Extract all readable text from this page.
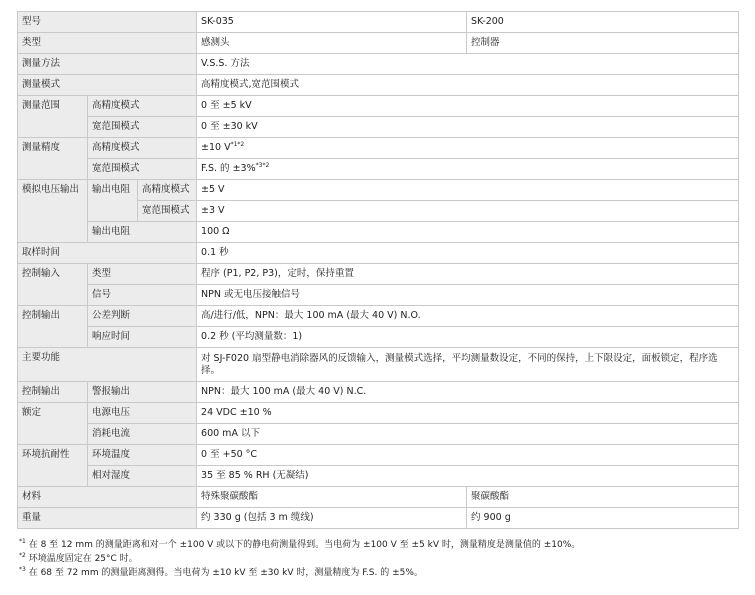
型号			SK-035	SK-200
类型			感测头	控制器
测量方法			V.S.S. 方法	
测量模式			高精度模式,宽范围模式	
测量范围	高精度模式		0 至 ±5 kV	
	宽范围模式		0 至 ±30 kV	
测量精度	高精度模式		±10 $V^{*1*2}$
	宽范围模式		F.S. 的 ±3%$^{*3*2}$
模拟电压输出	输出电阻	高精度模式	±5 V	
		宽范围模式	±3 V	
	输出电阻		100 Ω	
取样时间			0.1 秒	
控制输入	类型		程序 (P1, P2, P3)，定时，保持重置	
	信号		NPN 或无电压接触信号	
控制输出	公差判断		高/进行/低，NPN：最大 100 mA (最大 40 V) N.O.	
	响应时间		0.2 秒 (平均测量数：1)	
主要功能			对 SJ-F020 扇型静电消除器风的反馈输入，测量模式选择，平均测量数设定，不同的保持，上下限设定，面板锁定，程序选择。	
控制输出	警报输出		NPN：最大 100 mA (最大 40 V) N.C.	
额定	电源电压		24 VDC ±10 %	
	消耗电流		600 mA 以下	
环境抗耐性	环境温度		0 至 +50 °C	
	相对湿度		35 至 85 % RH (无凝结)	
材料			特殊聚碳酸酯	聚碳酸酯
重量			约 330 g (包括 3 m 缆线)	约 900 g
$^{*1}$ 在 8 至 12 mm 的测量距离和对一个 ±100 V 或以下的静电荷测量得到。当电荷为 ±100 V 至 ±5 kV 时，测量精度是测量值的 ±10%。
$^{*2}$ 环境温度固定在 25°C 时。
$^{*3}$ 在 68 至 72 mm 的测量距离测得。当电荷为 ±10 kV 至 ±30 kV 时，测量精度为 F.S. 的 ±5%。
